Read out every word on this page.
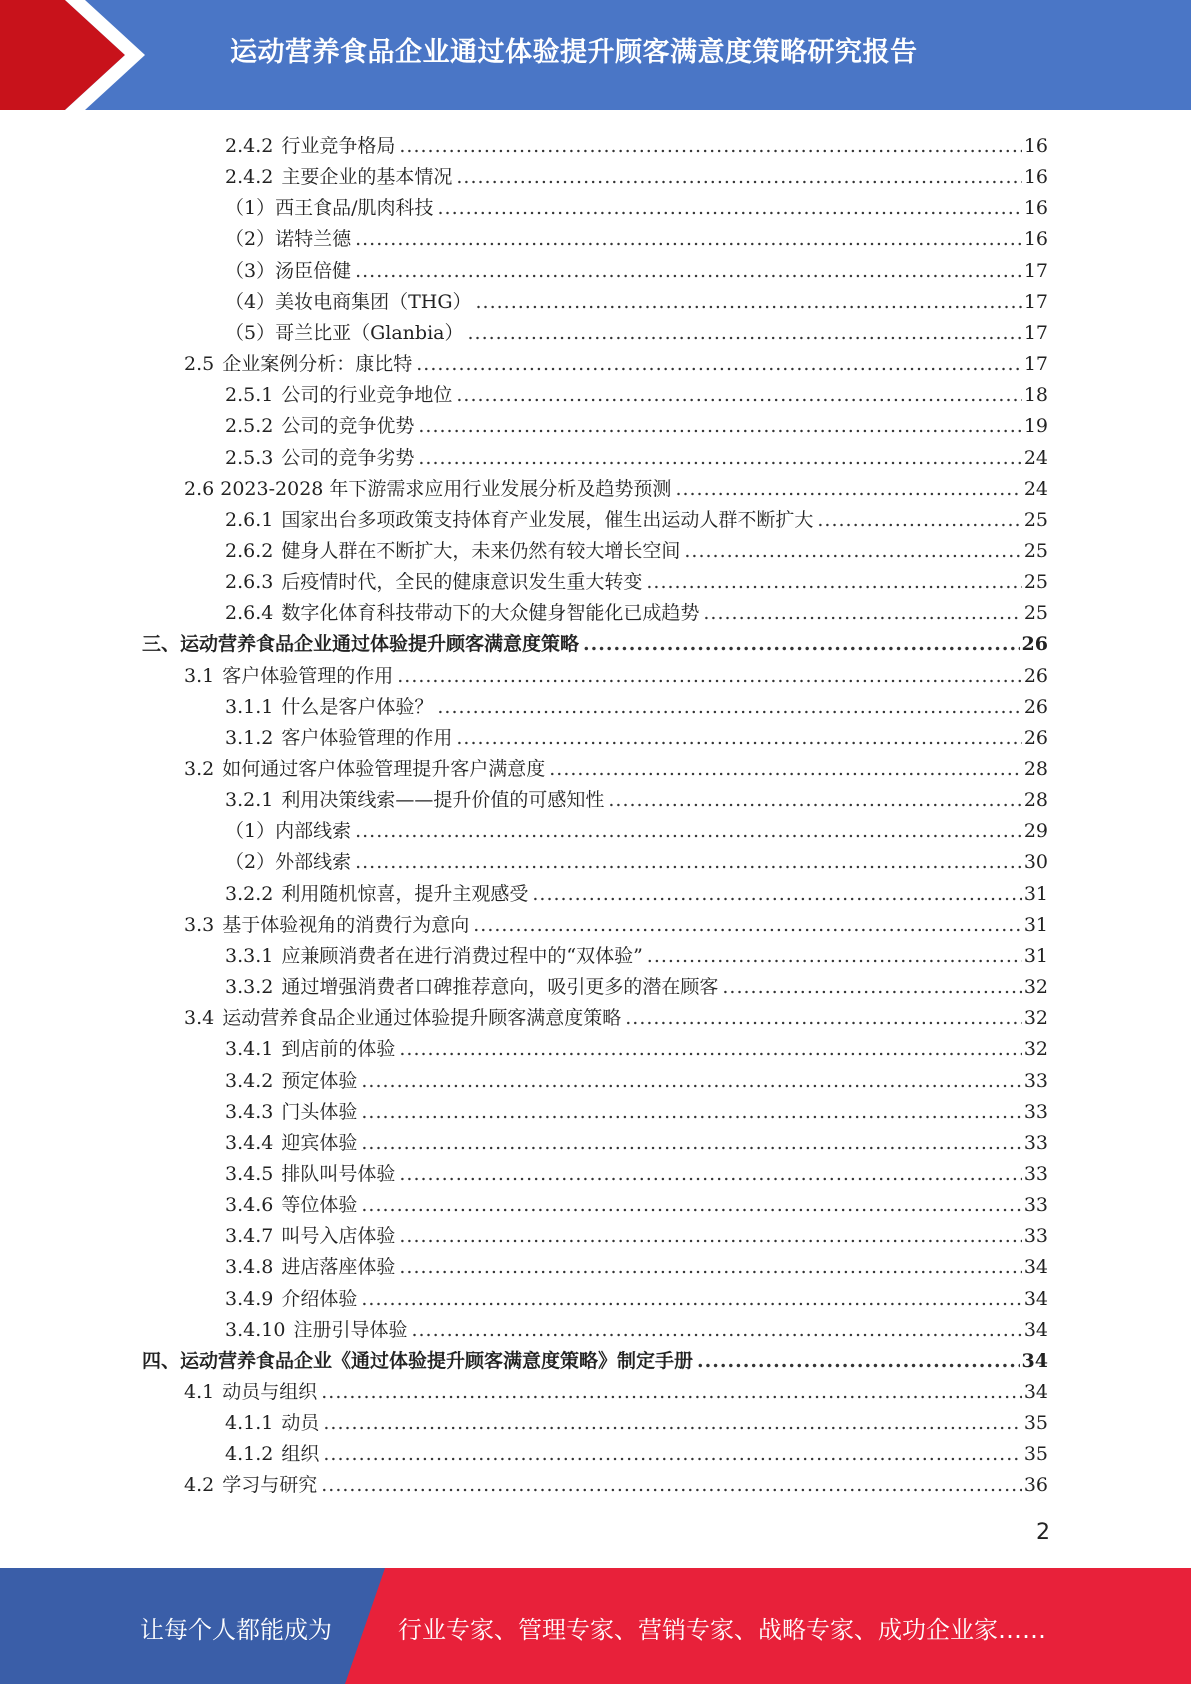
运动营养食品企业通过体验提升顾客满意度策略研究报告
2.4.2 行业竞争格局 .....	16
2.4.2 主要企业的基本情况 .....	16
（1）西王食品/肌肉科技 .....	16
（2）诺特兰德 .....	16
（3）汤臣倍健 .....	17
（4）美妆电商集团（THG） .....	17
（5）哥兰比亚（Glanbia） .....	17
2.5 企业案例分析：康比特 .....	17
2.5.1 公司的行业竞争地位 .....	18
2.5.2 公司的竞争优势 .....	19
2.5.3 公司的竞争劣势 .....	24
2.6 2023-2028 年下游需求应用行业发展分析及趋势预测 .....	24
2.6.1 国家出台多项政策支持体育产业发展，催生出运动人群不断扩大 .....	25
2.6.2 健身人群在不断扩大，未来仍然有较大增长空间 .....	25
2.6.3 后疫情时代，全民的健康意识发生重大转变 .....	25
2.6.4 数字化体育科技带动下的大众健身智能化已成趋势 .....	25
三、运动营养食品企业通过体验提升顾客满意度策略 .....	26
3.1 客户体验管理的作用 .....	26
3.1.1 什么是客户体验？ .....	26
3.1.2 客户体验管理的作用 .....	26
3.2 如何通过客户体验管理提升客户满意度 .....	28
3.2.1 利用决策线索——提升价值的可感知性 .....	28
（1）内部线索 .....	29
（2）外部线索 .....	30
3.2.2 利用随机惊喜，提升主观感受 .....	31
3.3 基于体验视角的消费行为意向 .....	31
3.3.1 应兼顾消费者在进行消费过程中的“双体验” .....	31
3.3.2 通过增强消费者口碑推荐意向，吸引更多的潜在顾客 .....	32
3.4 运动营养食品企业通过体验提升顾客满意度策略 .....	32
3.4.1 到店前的体验 .....	32
3.4.2 预定体验 .....	33
3.4.3 门头体验 .....	33
3.4.4 迎宾体验 .....	33
3.4.5 排队叫号体验 .....	33
3.4.6 等位体验 .....	33
3.4.7 叫号入店体验 .....	33
3.4.8 进店落座体验 .....	34
3.4.9 介绍体验 .....	34
3.4.10 注册引导体验 .....	34
四、运动营养食品企业《通过体验提升顾客满意度策略》制定手册 .....	34
4.1 动员与组织 .....	34
4.1.1 动员 .....	35
4.1.2 组织 .....	35
4.2 学习与研究 .....	36
2
让每个人都能成为	行业专家、管理专家、营销专家、战略专家、成功企业家……
